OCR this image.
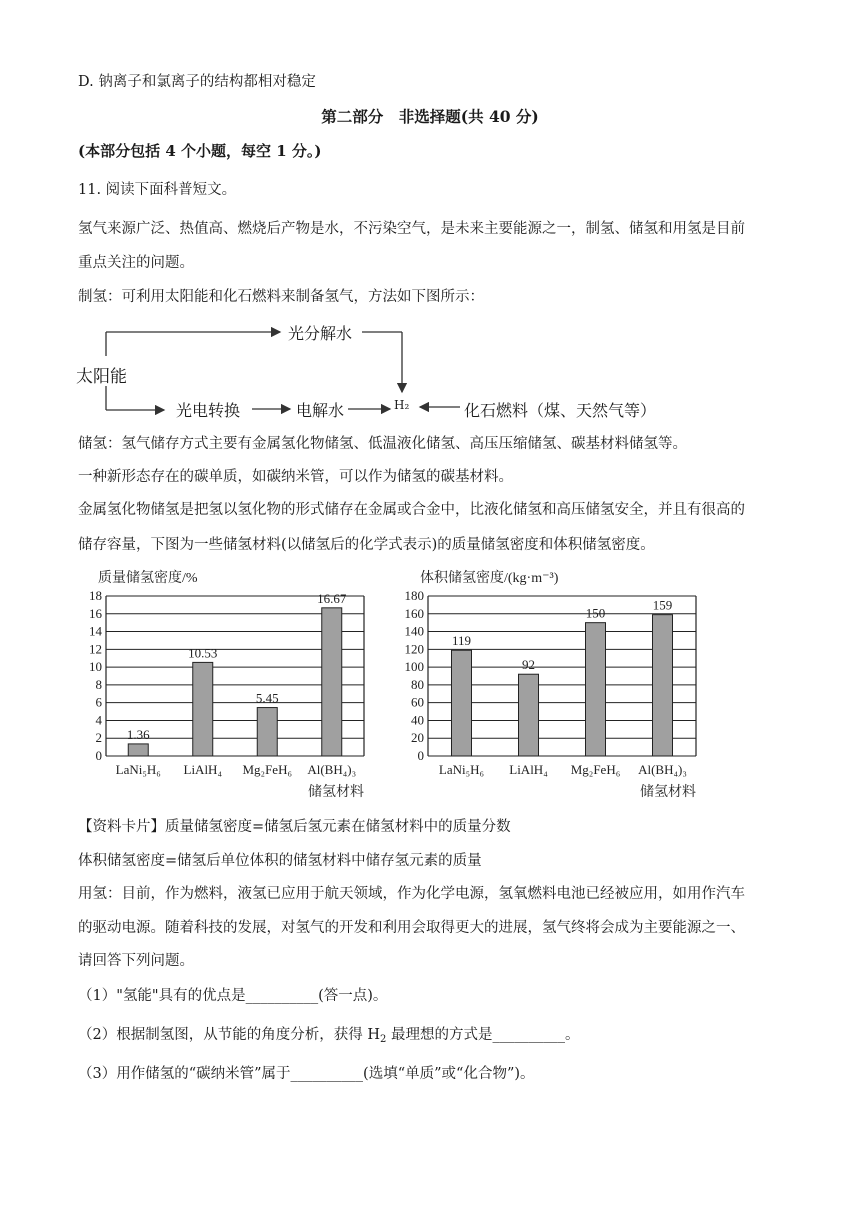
D. 钠离子和氯离子的结构都相对稳定
第二部分　非选择题(共 40 分)
(本部分包括 4 个小题，每空 1 分。)
11. 阅读下面科普短文。
氢气来源广泛、热值高、燃烧后产物是水，不污染空气，是未来主要能源之一，制氢、储氢和用氢是目前
重点关注的问题。
制氢：可利用太阳能和化石燃料来制备氢气，方法如下图所示：
太阳能
光分解水
光电转换	电解水	H₂	化石燃料（煤、天然气等）
储氢：氢气储存方式主要有金属氢化物储氢、低温液化储氢、高压压缩储氢、碳基材料储氢等。
一种新形态存在的碳单质，如碳纳米管，可以作为储氢的碳基材料。
金属氢化物储氢是把氢以氢化物的形式储存在金属或合金中，比液化储氢和高压储氢安全，并且有很高的
储存容量，下图为一些储氢材料(以储氢后的化学式表示)的质量储氢密度和体积储氢密度。
质量储氢密度/%
0
2
4
6
8
10
12
14
16
18
1.36
LaNi₅H₆
10.53
LiAlH₄
5.45
Mg₂FeH₆
16.67
Al(BH₄)₃
储氢材料
体积储氢密度/(kg·m⁻³)
0
20
40
60
80
100
120
140
160
180
119
LaNi₅H₆
92
LiAlH₄
150
Mg₂FeH₆
159
Al(BH₄)₃
储氢材料
【资料卡片】质量储氢密度=储氢后氢元素在储氢材料中的质量分数
体积储氢密度=储氢后单位体积的储氢材料中储存氢元素的质量
用氢：目前，作为燃料，液氢已应用于航天领域，作为化学电源，氢氧燃料电池已经被应用，如用作汽车
的驱动电源。随着科技的发展，对氢气的开发和利用会取得更大的进展，氢气终将会成为主要能源之一、
请回答下列问题。
（1）"氢能"具有的优点是__________(答一点)。
（2）根据制氢图，从节能的角度分析，获得 $H_2$ 最理想的方式是__________。
（3）用作储氢的“碳纳米管”属于__________(选填“单质”或“化合物”)。
